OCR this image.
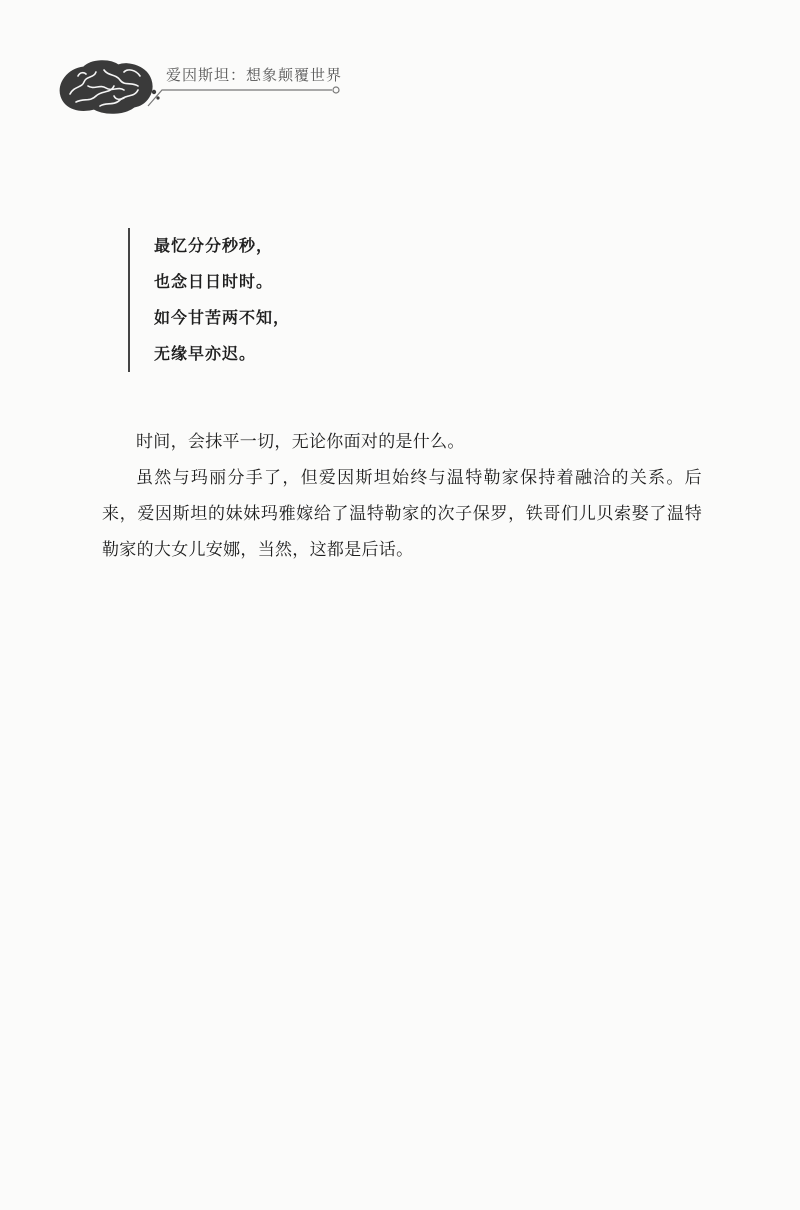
爱因斯坦：想象颠覆世界
最忆分分秒秒，
也念日日时时。
如今甘苦两不知，
无缘早亦迟。

时间，会抹平一切，无论你面对的是什么。

虽然与玛丽分手了，但爱因斯坦始终与温特勒家保持着融洽的关系。后来，爱因斯坦的妹妹玛雅嫁给了温特勒家的次子保罗，铁哥们儿贝索娶了温特勒家的大女儿安娜，当然，这都是后话。
